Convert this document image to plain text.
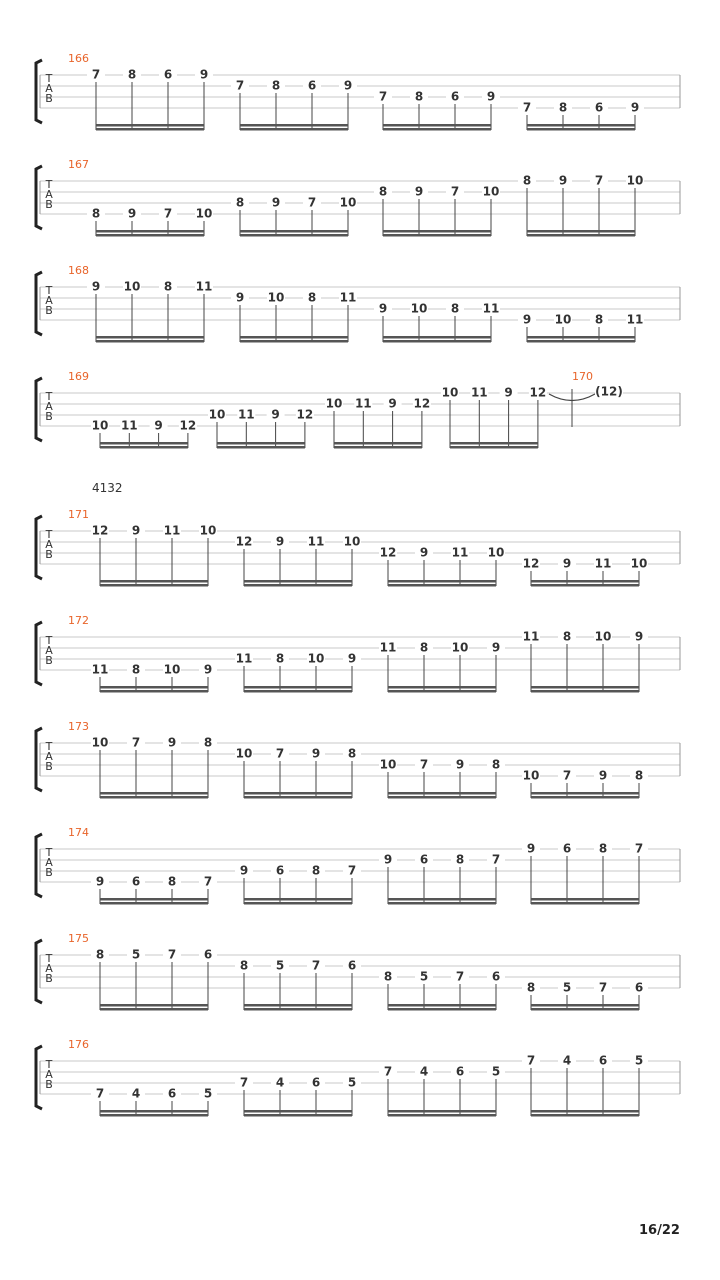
4132
166
T
A
B
7 8 6 9
7 8 6 9
7 8 6 9
7 8 6 9
167
T
A
B
8 9 7 10
8 9 7 10
8 9 7 10
8 9 7 10
168
T
A
B
9 10 8 11
9 10 8 11
9 10 8 11
9 10 8 11
169
T
A
B
10 11 9 12
10 11 9 12
10 11 9 12
10 11 9 12
170
(12)
171
T
A
B
12 9 11 10
12 9 11 10
12 9 11 10
12 9 11 10
172
T
A
B
11 8 10 9
11 8 10 9
11 8 10 9
11 8 10 9
173
T
A
B
10 7 9 8
10 7 9 8
10 7 9 8
10 7 9 8
174
T
A
B
9 6 8 7
9 6 8 7
9 6 8 7
9 6 8 7
175
T
A
B
8 5 7 6
8 5 7 6
8 5 7 6
8 5 7 6
176
T
A
B
7 4 6 5
7 4 6 5
7 4 6 5
7 4 6 5
16/22
